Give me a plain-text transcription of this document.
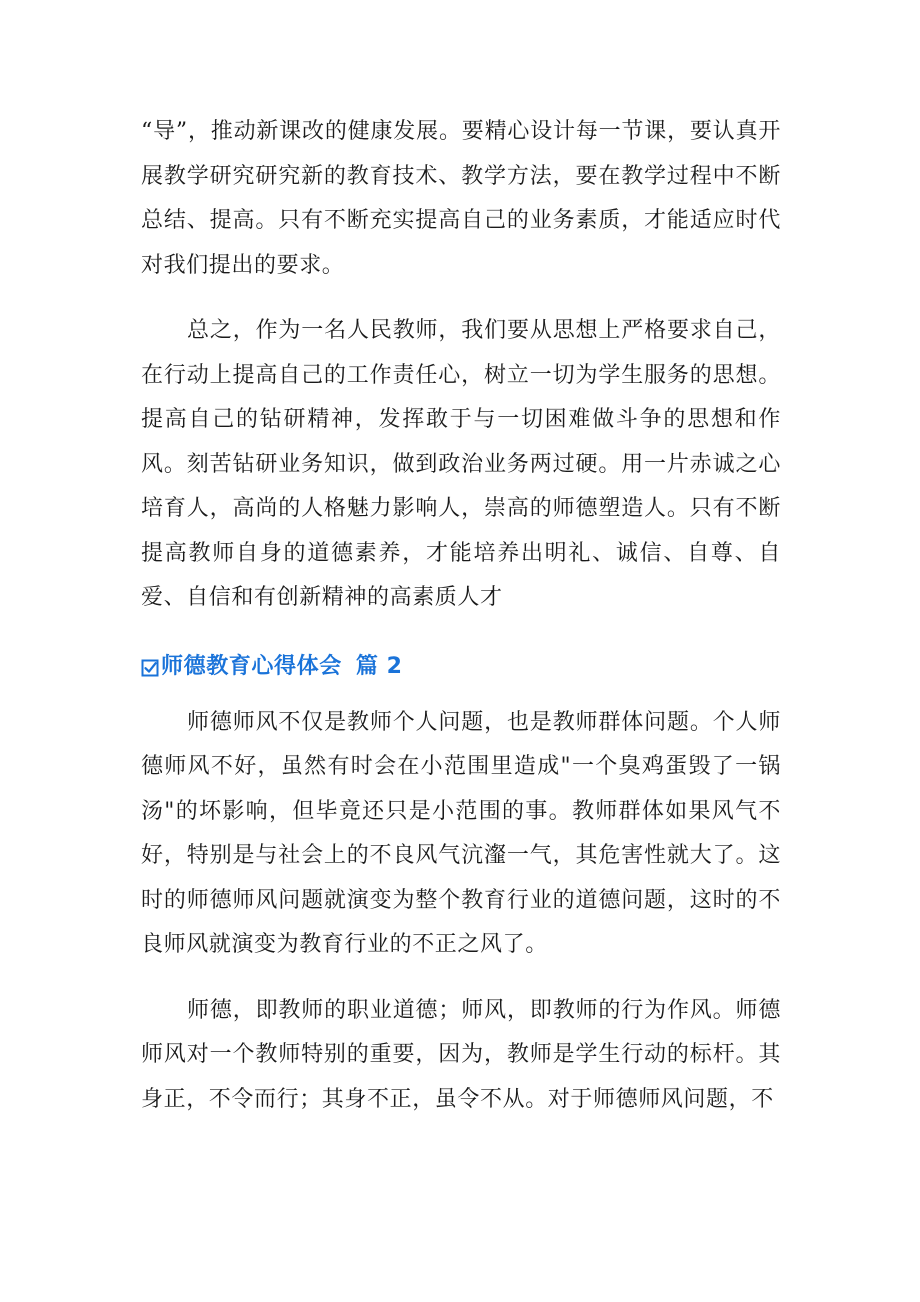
“导”，推动新课改的健康发展。要精心设计每一节课，要认真开展教学研究研究新的教育技术、教学方法，要在教学过程中不断总结、提高。只有不断充实提高自己的业务素质，才能适应时代对我们提出的要求。

总之，作为一名人民教师，我们要从思想上严格要求自己，在行动上提高自己的工作责任心，树立一切为学生服务的思想。提高自己的钻研精神，发挥敢于与一切困难做斗争的思想和作风。刻苦钻研业务知识，做到政治业务两过硬。用一片赤诚之心培育人，高尚的人格魅力影响人，崇高的师德塑造人。只有不断提高教师自身的道德素养，才能培养出明礼、诚信、自尊、自爱、自信和有创新精神的高素质人才

师德教育心得体会 篇 2

师德师风不仅是教师个人问题，也是教师群体问题。个人师德师风不好，虽然有时会在小范围里造成"一个臭鸡蛋毁了一锅汤"的坏影响，但毕竟还只是小范围的事。教师群体如果风气不好，特别是与社会上的不良风气沆瀣一气，其危害性就大了。这时的师德师风问题就演变为整个教育行业的道德问题，这时的不良师风就演变为教育行业的不正之风了。

师德，即教师的职业道德；师风，即教师的行为作风。师德师风对一个教师特别的重要，因为，教师是学生行动的标杆。其身正，不令而行；其身不正，虽令不从。对于师德师风问题，不
